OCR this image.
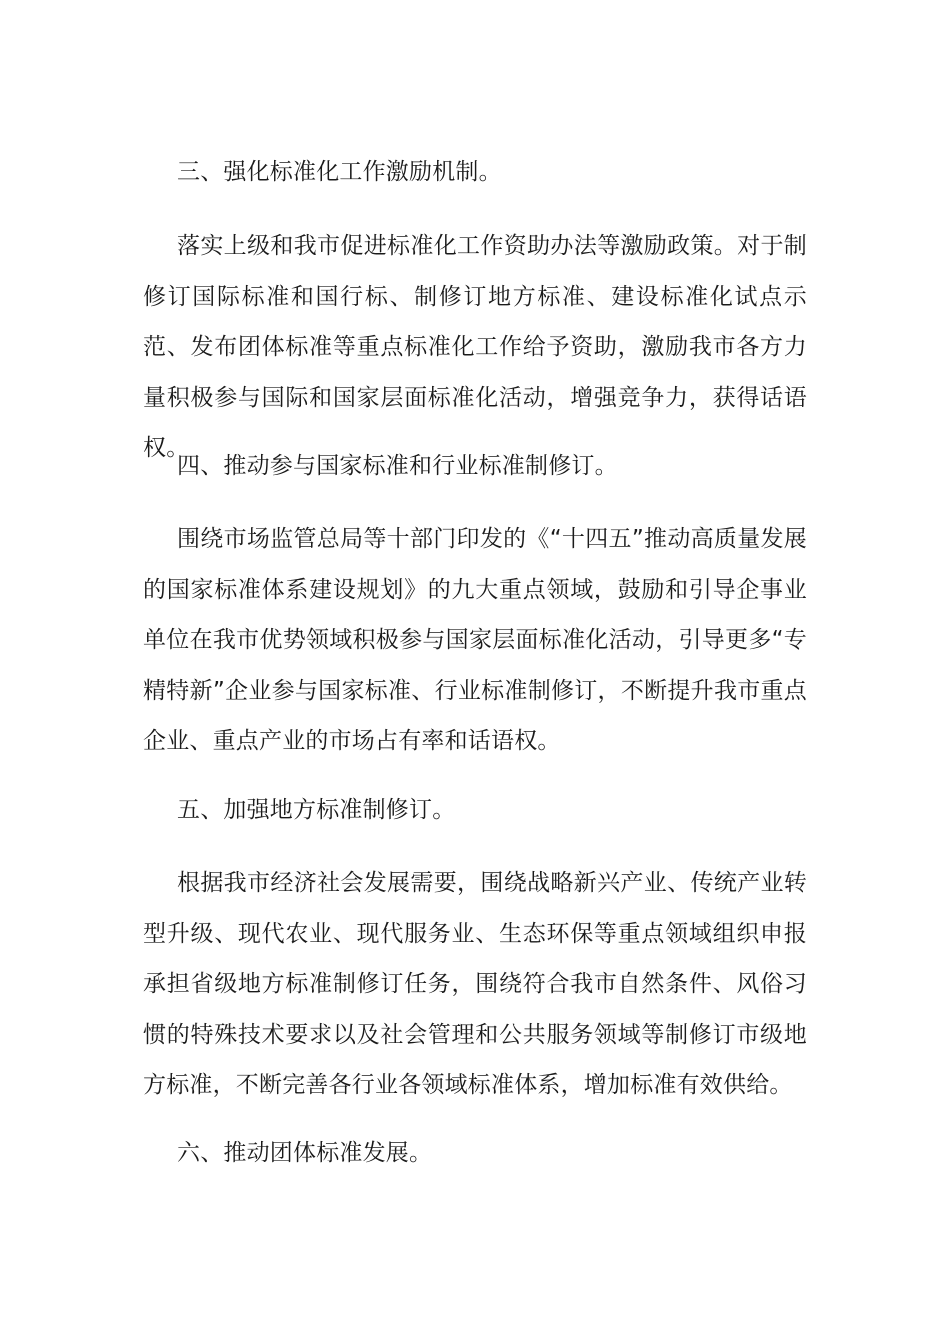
三、强化标准化工作激励机制。

落实上级和我市促进标准化工作资助办法等激励政策。对于制修订国际标准和国行标、制修订地方标准、建设标准化试点示范、发布团体标准等重点标准化工作给予资助，激励我市各方力量积极参与国际和国家层面标准化活动，增强竞争力，获得话语权。

四、推动参与国家标准和行业标准制修订。

围绕市场监管总局等十部门印发的《“十四五”推动高质量发展的国家标准体系建设规划》的九大重点领域，鼓励和引导企事业单位在我市优势领域积极参与国家层面标准化活动，引导更多“专精特新”企业参与国家标准、行业标准制修订，不断提升我市重点企业、重点产业的市场占有率和话语权。

五、加强地方标准制修订。

根据我市经济社会发展需要，围绕战略新兴产业、传统产业转型升级、现代农业、现代服务业、生态环保等重点领域组织申报承担省级地方标准制修订任务，围绕符合我市自然条件、风俗习惯的特殊技术要求以及社会管理和公共服务领域等制修订市级地方标准，不断完善各行业各领域标准体系，增加标准有效供给。

六、推动团体标准发展。
